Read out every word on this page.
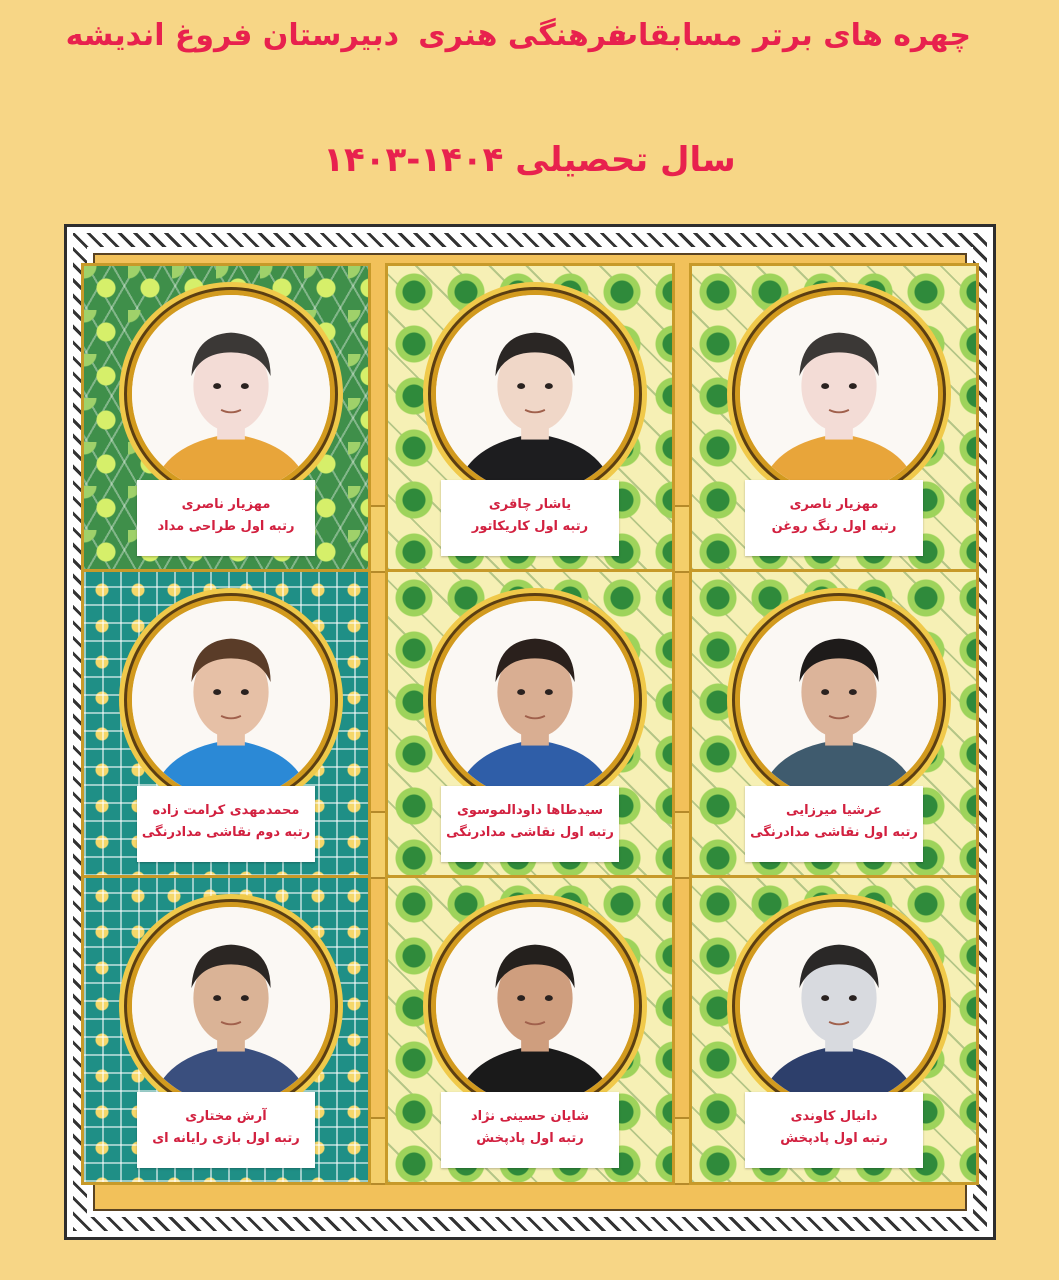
چهره های برتر مسابقات
فرهنگی هنری
دبیرستان فروغ اندیشه
سال تحصیلی ۱۴۰۴-۱۴۰۳
مهزیار ناصری
رتبه اول رنگ روغن
یاشار چاقری
رتبه اول کاریکاتور
مهزیار ناصری
رتبه اول طراحی مداد
عرشیا میرزایی
رتبه اول نقاشی مدادرنگی
سیدطاها داودالموسوی
رتبه اول نقاشی مدادرنگی
محمدمهدی کرامت زاده
رتبه دوم نقاشی مدادرنگی
دانیال کاوندی
رتبه اول پادپخش
شایان حسینی نژاد
رتبه اول پادپخش
آرش مختاری
رتبه اول بازی رایانه ای
